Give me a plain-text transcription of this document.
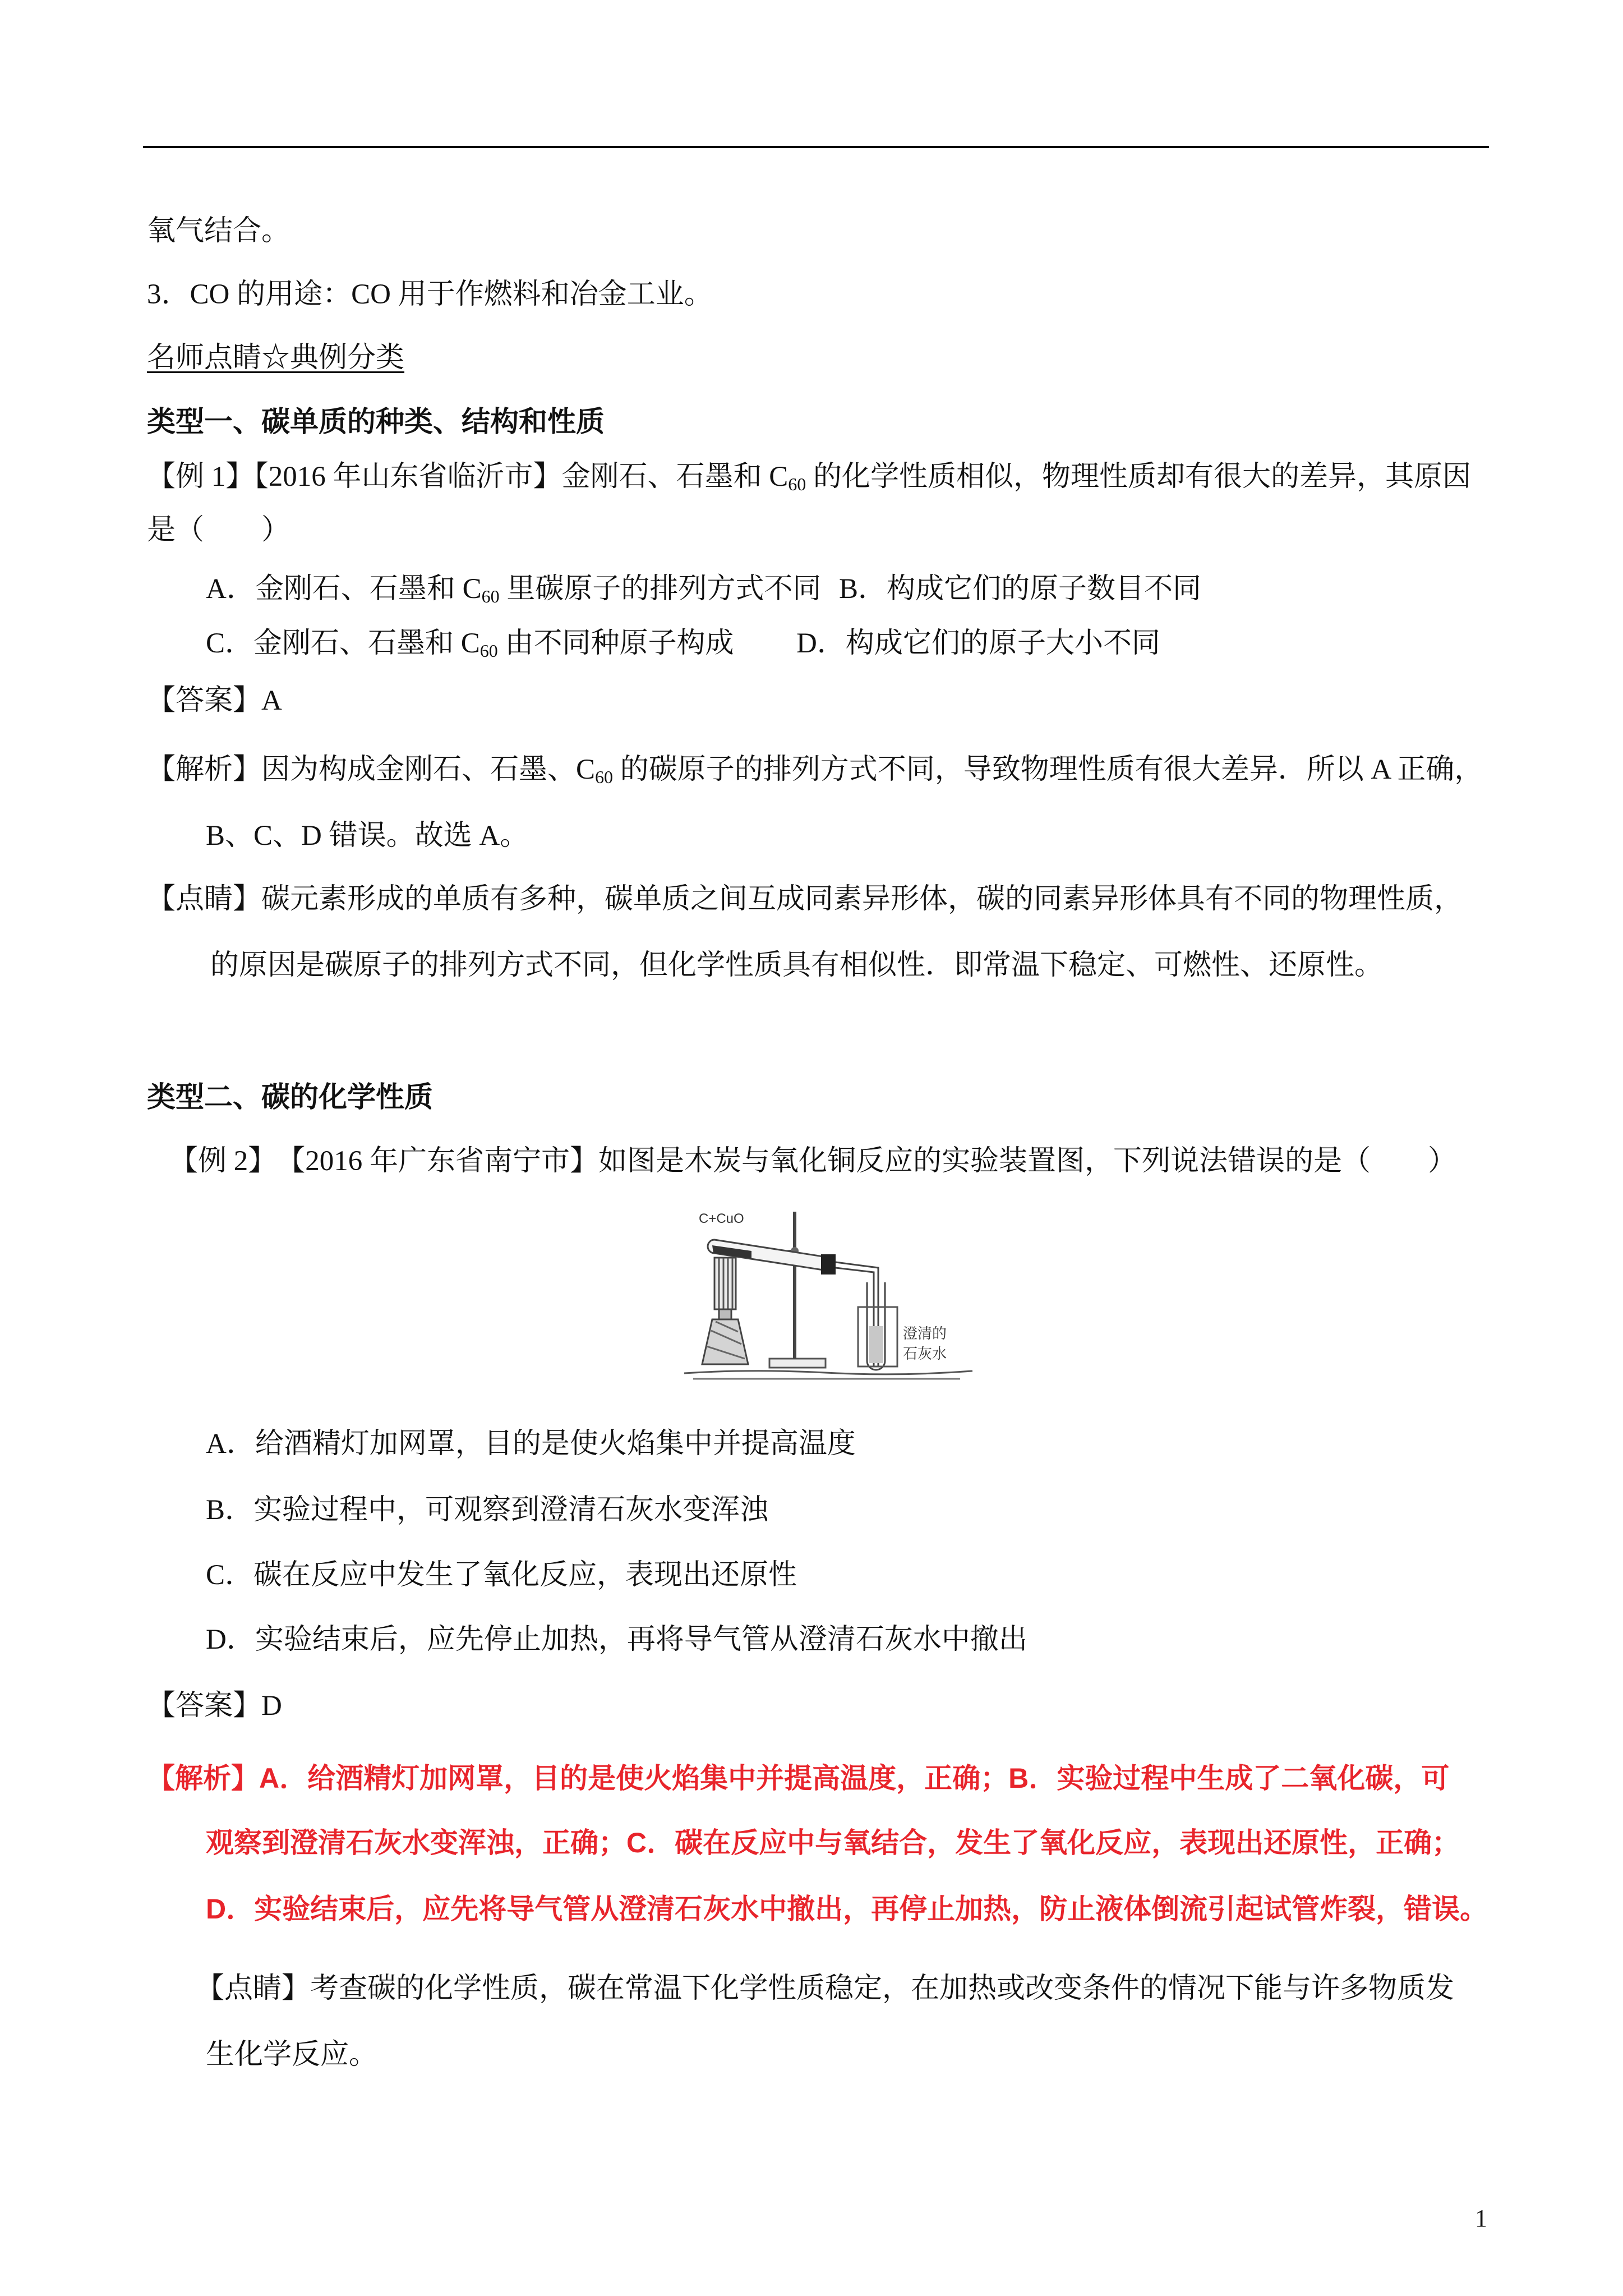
氧气结合。
3．CO 的用途：CO 用于作燃料和冶金工业。
名师点睛☆典例分类
类型一、碳单质的种类、结构和性质
【例 1】【2016 年山东省临沂市】金刚石、石墨和 $C_{60}$ 的化学性质相似，物理性质却有很大的差异，其原因
是（　　）
A．金刚石、石墨和 $C_{60}$ 里碳原子的排列方式不同 B．构成它们的原子数目不同
C．金刚石、石墨和 $C_{60}$ 由不同种原子构成 D．构成它们的原子大小不同
【答案】A
【解析】因为构成金刚石、石墨、$C_{60}$ 的碳原子的排列方式不同，导致物理性质有很大差异．所以 A 正确，
B、C、D 错误。故选 A。
【点睛】碳元素形成的单质有多种，碳单质之间互成同素异形体，碳的同素异形体具有不同的物理性质，
的原因是碳原子的排列方式不同，但化学性质具有相似性．即常温下稳定、可燃性、还原性。
类型二、碳的化学性质
【例 2】　【2016 年广东省南宁市】如图是木炭与氧化铜反应的实验装置图，下列说法错误的是（　　）
C+CuO
澄清的
石灰水
A．给酒精灯加网罩，目的是使火焰集中并提高温度
B．实验过程中，可观察到澄清石灰水变浑浊
C．碳在反应中发生了氧化反应，表现出还原性
D．实验结束后，应先停止加热，再将导气管从澄清石灰水中撤出
【答案】D
【解析】A．给酒精灯加网罩，目的是使火焰集中并提高温度，正确；B．实验过程中生成了二氧化碳，可
观察到澄清石灰水变浑浊，正确；C．碳在反应中与氧结合，发生了氧化反应，表现出还原性，正确；
D．实验结束后，应先将导气管从澄清石灰水中撤出，再停止加热，防止液体倒流引起试管炸裂，错误。
【点睛】考查碳的化学性质，碳在常温下化学性质稳定，在加热或改变条件的情况下能与许多物质发
生化学反应。
1
